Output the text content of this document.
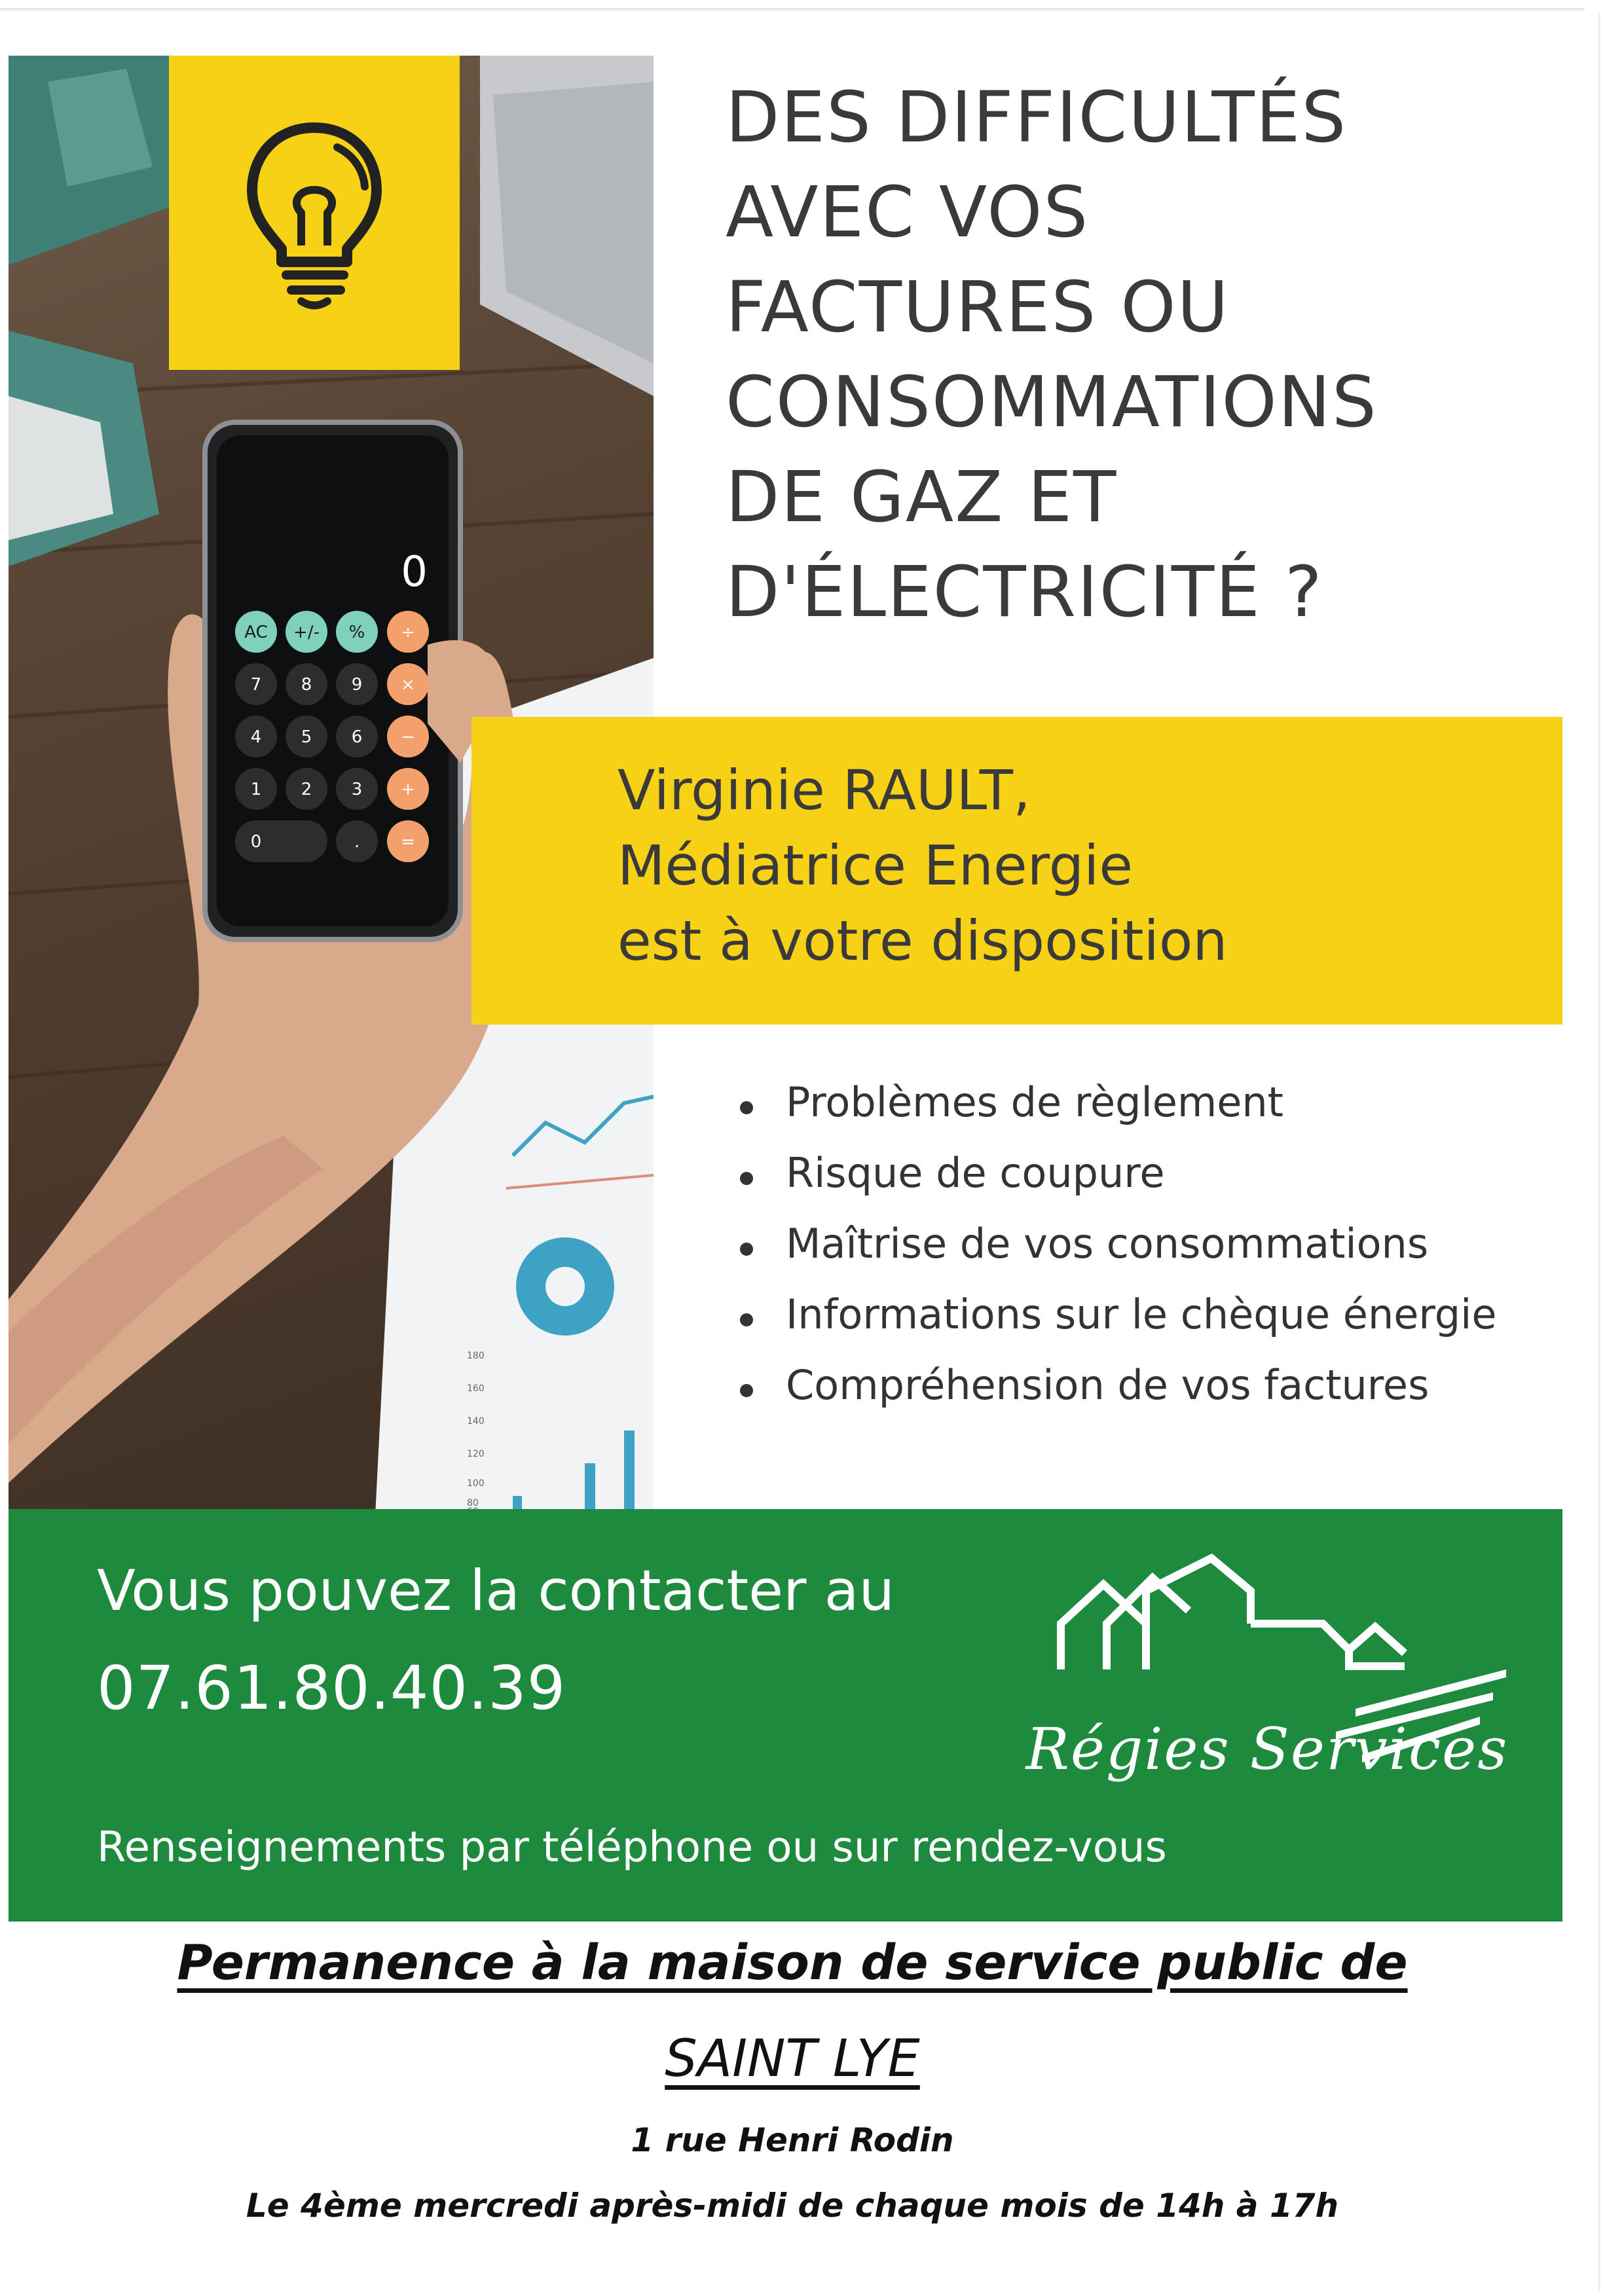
180
160
140
120
100
80
0
AC +/- % ÷
7 8 9 ×
4 5 6 −
1 2 3 +
0	. =
DES DIFFICULTÉS
AVEC VOS
FACTURES OU
CONSOMMATIONS
DE GAZ ET
D'ÉLECTRICITÉ ?
Virginie RAULT,
Médiatrice Energie
est à votre disposition
Problèmes de règlement
Risque de coupure
Maîtrise de vos consommations
Informations sur le chèque énergie
Compréhension de vos factures
Vous pouvez la contacter au
07.61.80.40.39
Renseignements par téléphone ou sur rendez-vous
Régies Services
Permanence à la maison de service public de
SAINT LYE
1 rue Henri Rodin
Le 4ème mercredi après-midi de chaque mois de 14h à 17h
